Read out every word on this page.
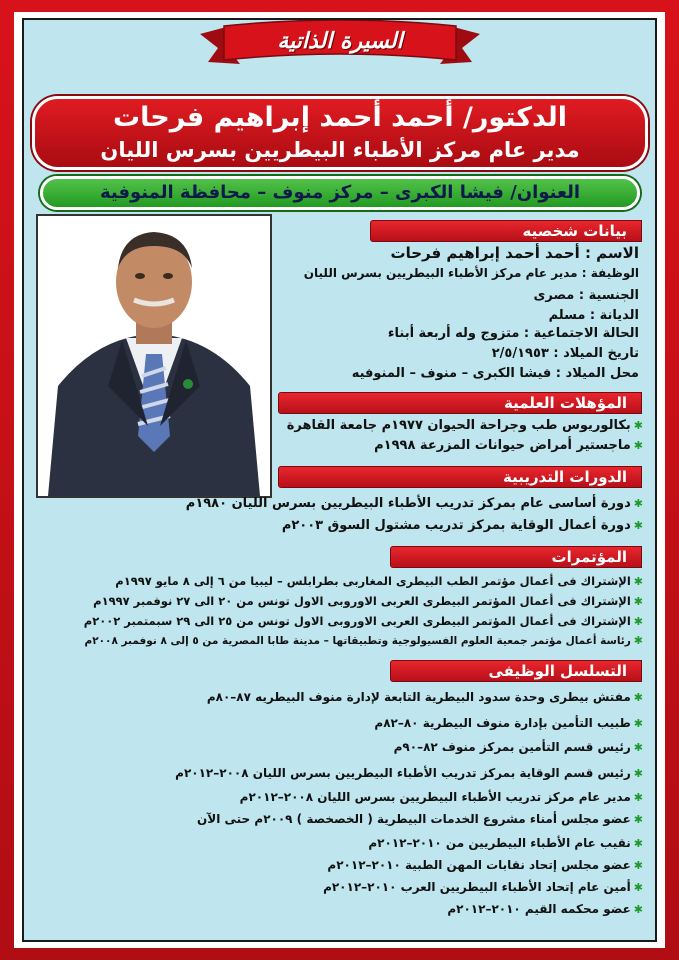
السيرة الذاتية
الدكتور/ أحمد أحمد إبراهيم فرحات
مدير عام مركز الأطباء البيطريين بسرس الليان
العنوان/ فيشا الكبرى – مركز منوف – محافظة المنوفية
بيانات شخصيه
الاسم : أحمد أحمد إبراهيم فرحات
الوظيفة : مدير عام مركز الأطباء البيطريين بسرس الليان
الجنسية : مصرى
الديانة : مسلم
الحالة الاجتماعية : متزوج وله أربعة أبناء
تاريخ الميلاد : ٢/٥/١٩٥٣
محل الميلاد : فيشا الكبرى – منوف – المنوفيه
المؤهلات العلمية
✱بكالوريوس طب وجراحة الحيوان ١٩٧٧م جامعة القاهرة
✱ماجستير أمراض حيوانات المزرعة ١٩٩٨م
الدورات التدريبية
✱دورة أساسى عام بمركز تدريب الأطباء البيطريين بسرس الليان ١٩٨٠م
✱دورة أعمال الوقاية بمركز تدريب مشتول السوق ٢٠٠٣م
المؤتمرات
✱الإشتراك فى أعمال مؤتمر الطب البيطرى المغاربى بطرابلس – ليبيا من ٦ إلى ٨ مايو ١٩٩٧م
✱الإشتراك فى أعمال المؤتمر البيطرى العربى الاوروبى الاول تونس من ٢٠ الى ٢٧ نوفمبر ١٩٩٧م
✱الإشتراك فى أعمال المؤتمر البيطرى العربى الاوروبى الاول تونس من ٢٥ الى ٢٩ سبمتمبر ٢٠٠٢م
✱رئاسة أعمال مؤتمر جمعية العلوم الفسيولوجية وتطبيقاتها – مدينة طابا المصرية من ٥ إلى ٨ نوفمبر ٢٠٠٨م
التسلسل الوظيفى
✱مفتش بيطرى وحدة سدود البيطرية التابعة لإدارة منوف البيطريه ٨٧–٨٠م
✱طبيب التأمين بإدارة منوف البيطرية ٨٠–٨٢م
✱رئيس قسم التأمين بمركز منوف ٨٢–٩٠م
✱رئيس قسم الوقاية بمركز تدريب الأطباء البيطريين بسرس الليان ٢٠٠٨–٢٠١٢م
✱مدير عام مركز تدريب الأطباء البيطريين بسرس الليان ٢٠٠٨–٢٠١٢م
✱عضو مجلس أمناء مشروع الخدمات البيطرية ( الخصخصة ) ٢٠٠٩م حتى الآن
✱نقيب عام الأطباء البيطريين من ٢٠١٠–٢٠١٢م
✱عضو مجلس إتحاد نقابات المهن الطبية ٢٠١٠–٢٠١٢م
✱أمين عام إتحاد الأطباء البيطريين العرب ٢٠١٠–٢٠١٢م
✱عضو محكمه القيم ٢٠١٠–٢٠١٢م
